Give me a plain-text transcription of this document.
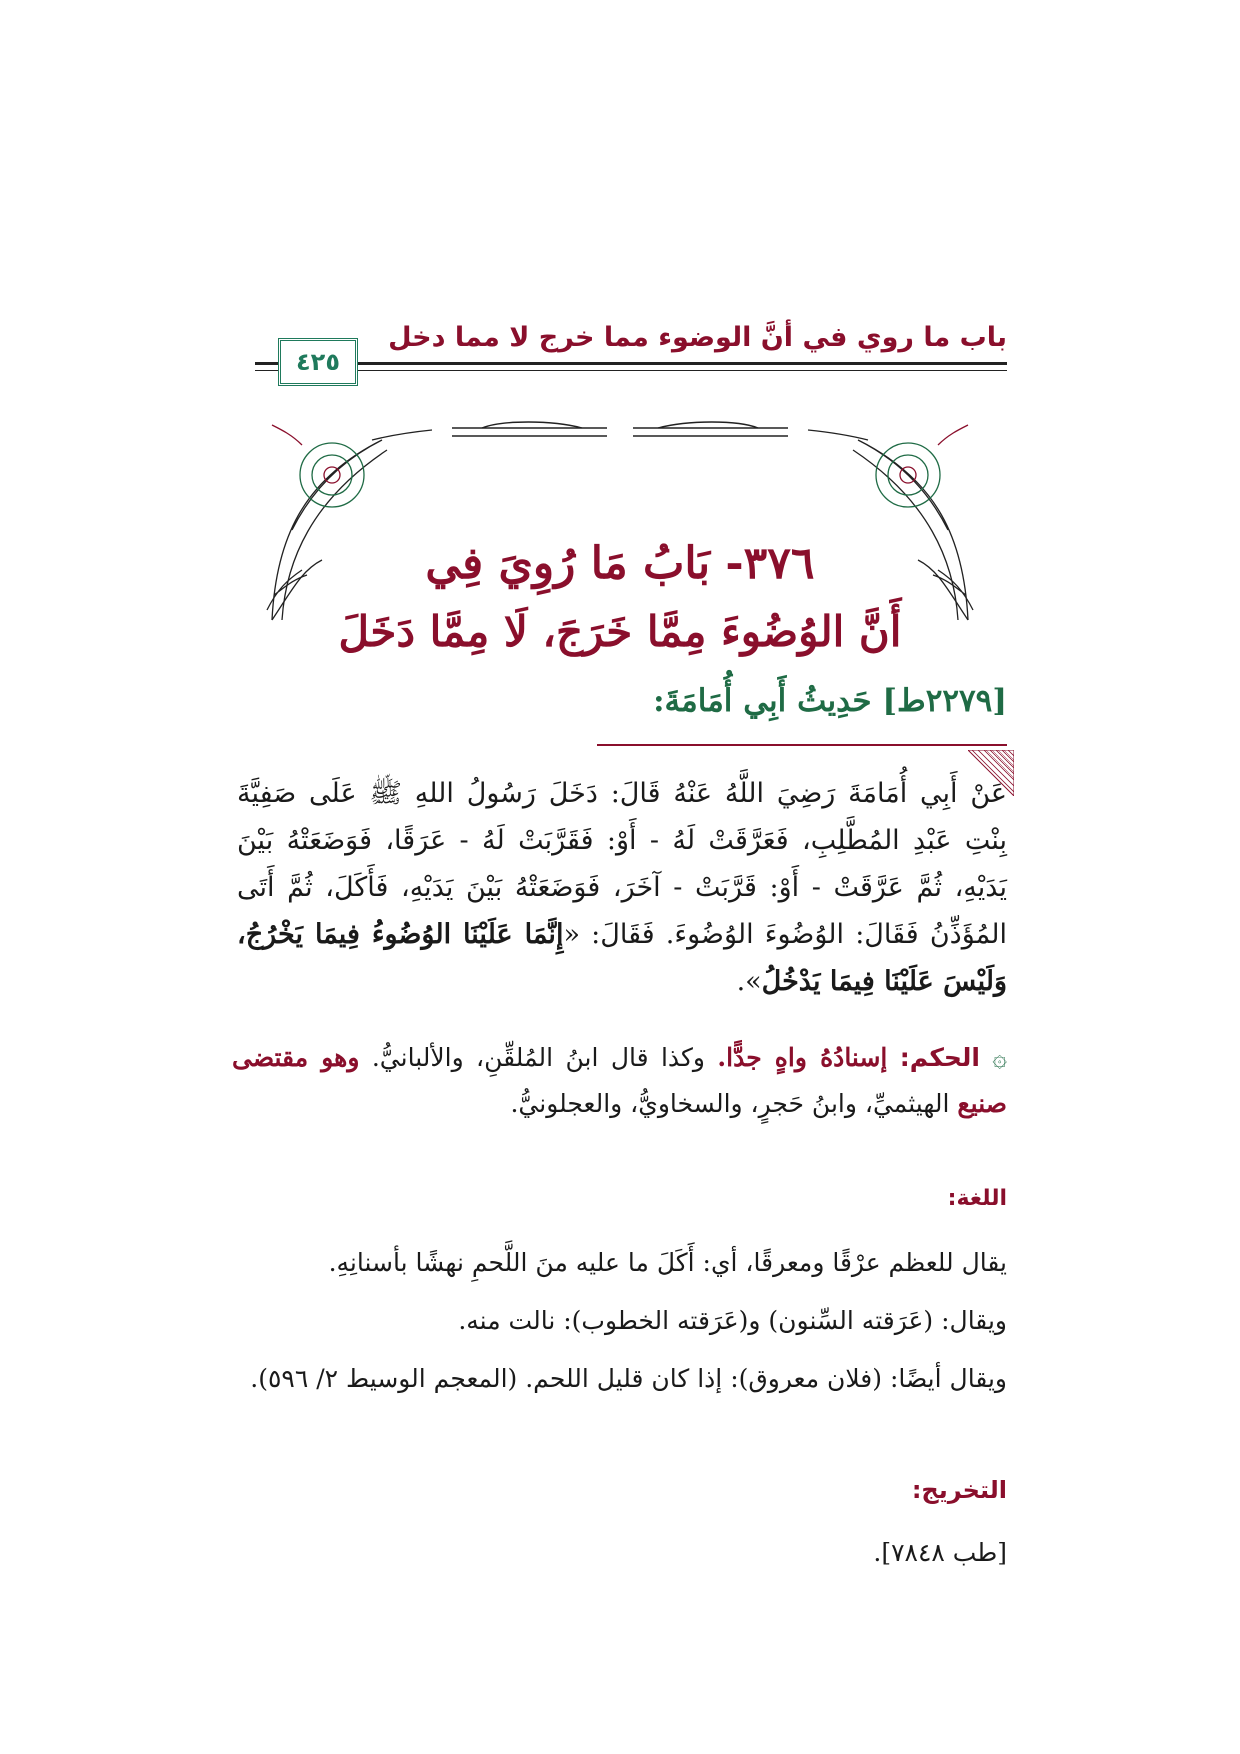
باب ما روي في أنَّ الوضوء مما خرج لا مما دخل
٤٢٥
٣٧٦- بَابُ مَا رُوِيَ فِي
أَنَّ الوُضُوءَ مِمَّا خَرَجَ، لَا مِمَّا دَخَلَ
[٢٢٧٩ط] حَدِيثُ أَبِي أُمَامَةَ:
عَنْ أَبِي أُمَامَةَ رَضِيَ اللَّهُ عَنْهُ قَالَ: دَخَلَ رَسُولُ اللهِ ﷺ عَلَى صَفِيَّةَ بِنْتِ عَبْدِ المُطَّلِبِ، فَعَرَّقَتْ لَهُ - أَوْ: فَقَرَّبَتْ لَهُ - عَرَقًا، فَوَضَعَتْهُ بَيْنَ يَدَيْهِ، ثُمَّ عَرَّقَتْ - أَوْ: قَرَّبَتْ - آخَرَ، فَوَضَعَتْهُ بَيْنَ يَدَيْهِ، فَأَكَلَ، ثُمَّ أَتَى المُؤَذِّنُ فَقَالَ: الوُضُوءَ الوُضُوءَ. فَقَالَ: «إِنَّمَا عَلَيْنَا الوُضُوءُ فِيمَا يَخْرُجُ، وَلَيْسَ عَلَيْنَا فِيمَا يَدْخُلُ».
۞ الحكم: إسنادُهُ واهٍ جدًّا. وكذا قال ابنُ المُلقِّنِ، والألبانيُّ. وهو مقتضى صنيع الهيثميِّ، وابنُ حَجرٍ، والسخاويُّ، والعجلونيُّ.
اللغة:
يقال للعظم عرْقًا ومعرقًا، أي: أَكَلَ ما عليه منَ اللَّحمِ نهشًا بأسنانِهِ.
ويقال: (عَرَقته السِّنون) و(عَرَقته الخطوب): نالت منه.
ويقال أيضًا: (فلان معروق): إذا كان قليل اللحم. (المعجم الوسيط ٢/ ٥٩٦).
التخريج:
[طب ٧٨٤٨].
